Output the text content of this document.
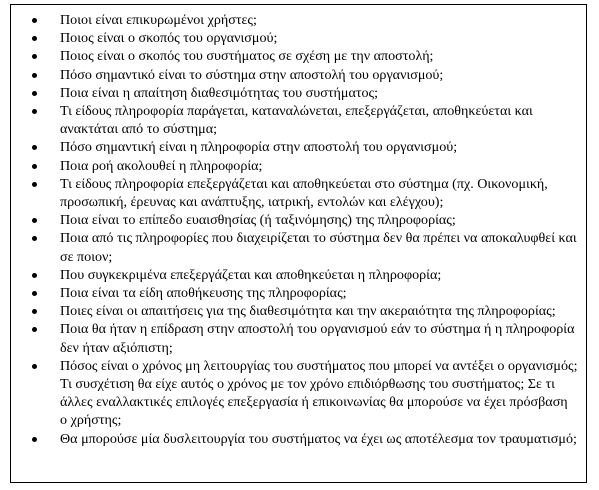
Ποιοι είναι επικυρωμένοι χρήστες;
Ποιος είναι ο σκοπός του οργανισμού;
Ποιος είναι ο σκοπός του συστήματος σε σχέση με την αποστολή;
Πόσο σημαντικό είναι το σύστημα στην αποστολή του οργανισμού;
Ποια είναι η απαίτηση διαθεσιμότητας του συστήματος;
Τι είδους πληροφορία παράγεται, καταναλώνεται, επεξεργάζεται, αποθηκεύεται και ανακτάται από το σύστημα;
Πόσο σημαντική είναι η πληροφορία στην αποστολή του οργανισμού;
Ποια ροή ακολουθεί η πληροφορία;
Τι είδους πληροφορία επεξεργάζεται και αποθηκεύεται στο σύστημα (πχ. Οικονομική, προσωπική, έρευνας και ανάπτυξης, ιατρική, εντολών και ελέγχου);
Ποια είναι το επίπεδο ευαισθησίας (ή ταξινόμησης) της πληροφορίας;
Ποια από τις πληροφορίες που διαχειρίζεται το σύστημα δεν θα πρέπει να αποκαλυφθεί και σε ποιον;
Που συγκεκριμένα επεξεργάζεται και αποθηκεύεται η πληροφορία;
Ποια είναι τα είδη αποθήκευσης της πληροφορίας;
Ποιες είναι οι απαιτήσεις για της διαθεσιμότητα και την ακεραιότητα της πληροφορίας;
Ποια θα ήταν η επίδραση στην αποστολή του οργανισμού εάν το σύστημα ή η πληροφορία δεν ήταν αξιόπιστη;
Πόσος είναι ο χρόνος μη λειτουργίας του συστήματος που μπορεί να αντέξει ο οργανισμός; Τι συσχέτιση θα είχε αυτός ο χρόνος με τον χρόνο επιδιόρθωσης του συστήματος; Σε τι άλλες εναλλακτικές επιλογές επεξεργασία ή επικοινωνίας θα μπορούσε να έχει πρόσβαση ο χρήστης;
Θα μπορούσε μία δυσλειτουργία του συστήματος να έχει ως αποτέλεσμα τον τραυματισμό;
